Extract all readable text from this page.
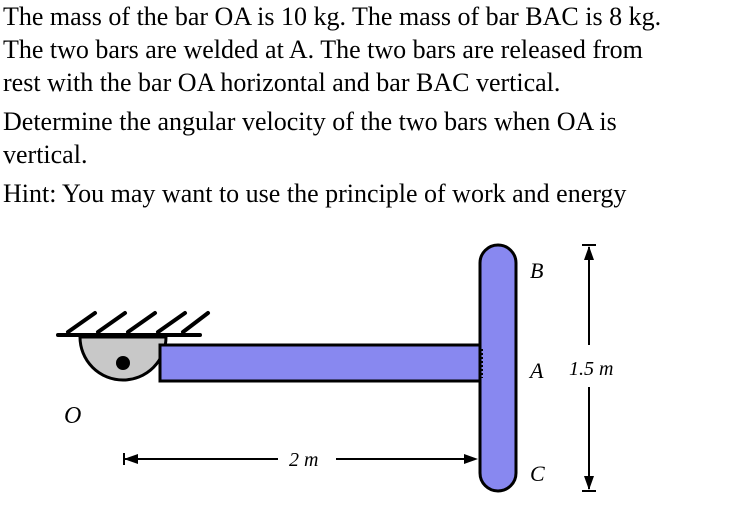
The mass of the bar OA is 10 kg. The mass of bar BAC is 8 kg.
The two bars are welded at A. The two bars are released from
rest with the bar OA horizontal and bar BAC vertical.

Determine the angular velocity of the two bars when OA is
vertical.

Hint: You may want to use the principle of work and energy

O
B
A
C
2 m
1.5 m
